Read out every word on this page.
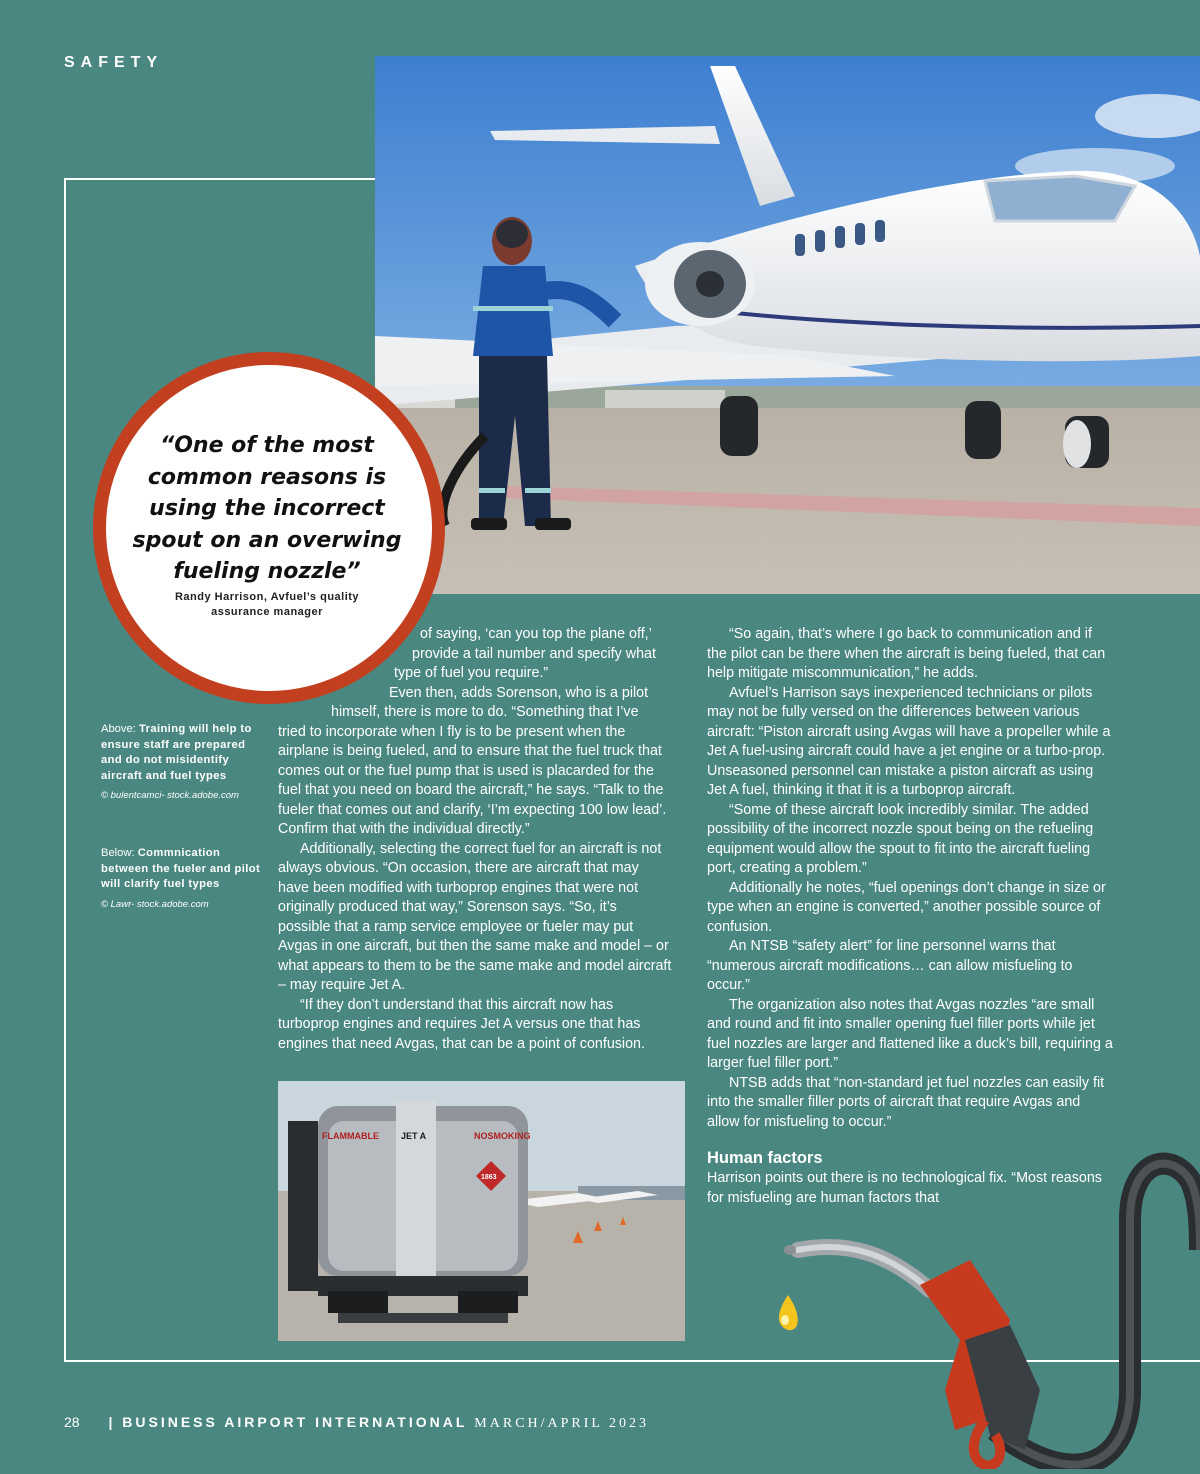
SAFETY
“One of the most common reasons is using the incorrect spout on an overwing fueling nozzle”
Randy Harrison, Avfuel’s quality assurance manager
Above: Training will help to ensure staff are prepared and do not misidentify aircraft and fuel types
© bulentcamci- stock.adobe.com
Below: Commnication between the fueler and pilot will clarify fuel types
© Lawr- stock.adobe.com
of saying, ‘can you top the plane off,’
provide a tail number and specify what
type of fuel you require.”
Even then, adds Sorenson, who is a pilot
himself, there is more to do. “Something that I’ve

tried to incorporate when I fly is to be present when the airplane is being fueled, and to ensure that the fuel truck that comes out or the fuel pump that is used is placarded for the fuel that you need on board the aircraft,” he says. “Talk to the fueler that comes out and clarify, ‘I’m expecting 100 low lead’. Confirm that with the individual directly.”

Additionally, selecting the correct fuel for an aircraft is not always obvious. “On occasion, there are aircraft that may have been modified with turboprop engines that were not originally produced that way,” Sorenson says. “So, it’s possible that a ramp service employee or fueler may put Avgas in one aircraft, but then the same make and model – or what appears to them to be the same make and model aircraft – may require Jet A.

“If they don’t understand that this aircraft now has turboprop engines and requires Jet A versus one that has engines that need Avgas, that can be a point of confusion.

“So again, that’s where I go back to communication and if the pilot can be there when the aircraft is being fueled, that can help mitigate miscommunication,” he adds.

Avfuel’s Harrison says inexperienced technicians or pilots may not be fully versed on the differences between various aircraft: “Piston aircraft using Avgas will have a propeller while a Jet A fuel-using aircraft could have a jet engine or a turbo-prop. Unseasoned personnel can mistake a piston aircraft as using Jet A fuel, thinking it that it is a turboprop aircraft.

“Some of these aircraft look incredibly similar. The added possibility of the incorrect nozzle spout being on the refueling equipment would allow the spout to fit into the aircraft fueling port, creating a problem.”

Additionally he notes, “fuel openings don’t change in size or type when an engine is converted,” another possible source of confusion.

An NTSB “safety alert” for line personnel warns that “numerous aircraft modifications… can allow misfueling to occur.”

The organization also notes that Avgas nozzles “are small and round and fit into smaller opening fuel filler ports while jet fuel nozzles are larger and flattened like a duck’s bill, requiring a larger fuel filler port.”

NTSB adds that “non-standard jet fuel nozzles can easily fit into the smaller filler ports of aircraft that require Avgas and allow for misfueling to occur.”

Human factors

Harrison points out there is no technological fix. “Most reasons for misfueling are human factors that

FLAMMABLE JET A	NOSMOKING
1863
28 | BUSINESS AIRPORT INTERNATIONAL MARCH/APRIL 2023
